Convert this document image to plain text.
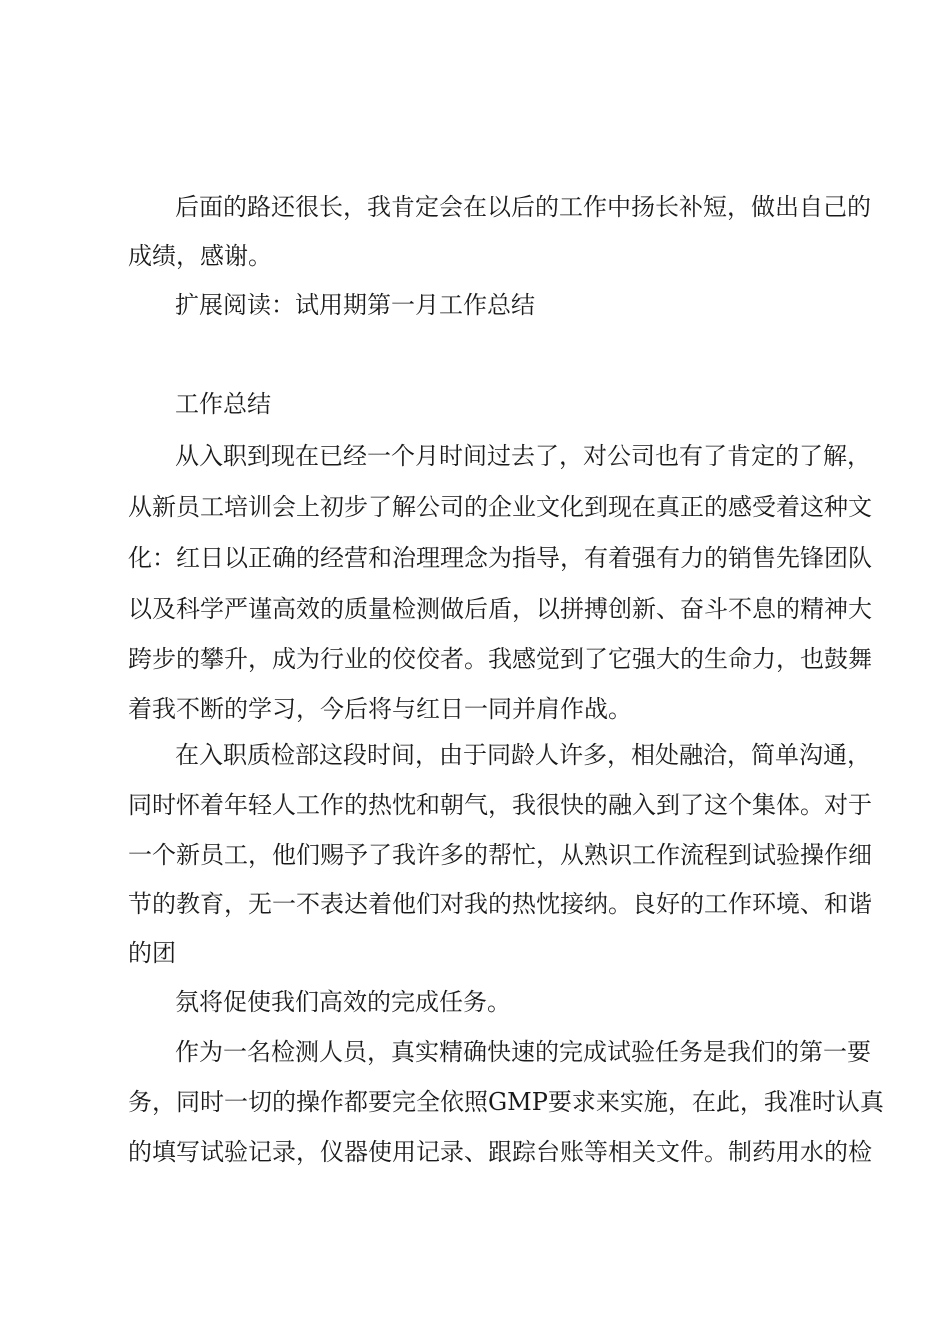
后面的路还很长，我肯定会在以后的工作中扬长补短，做出自己的
成绩，感谢。
扩展阅读：试用期第一月工作总结
工作总结
从入职到现在已经一个月时间过去了，对公司也有了肯定的了解，
从新员工培训会上初步了解公司的企业文化到现在真正的感受着这种文
化：红日以正确的经营和治理理念为指导，有着强有力的销售先锋团队
以及科学严谨高效的质量检测做后盾，以拼搏创新、奋斗不息的精神大
跨步的攀升，成为行业的佼佼者。我感觉到了它强大的生命力，也鼓舞
着我不断的学习，今后将与红日一同并肩作战。
在入职质检部这段时间，由于同龄人许多，相处融洽，简单沟通，
同时怀着年轻人工作的热忱和朝气，我很快的融入到了这个集体。对于
一个新员工，他们赐予了我许多的帮忙，从熟识工作流程到试验操作细
节的教育，无一不表达着他们对我的热忱接纳。良好的工作环境、和谐
的团
氛将促使我们高效的完成任务。
作为一名检测人员，真实精确快速的完成试验任务是我们的第一要
务，同时一切的操作都要完全依照GMP要求来实施，在此，我准时认真
的填写试验记录，仪器使用记录、跟踪台账等相关文件。制药用水的检
